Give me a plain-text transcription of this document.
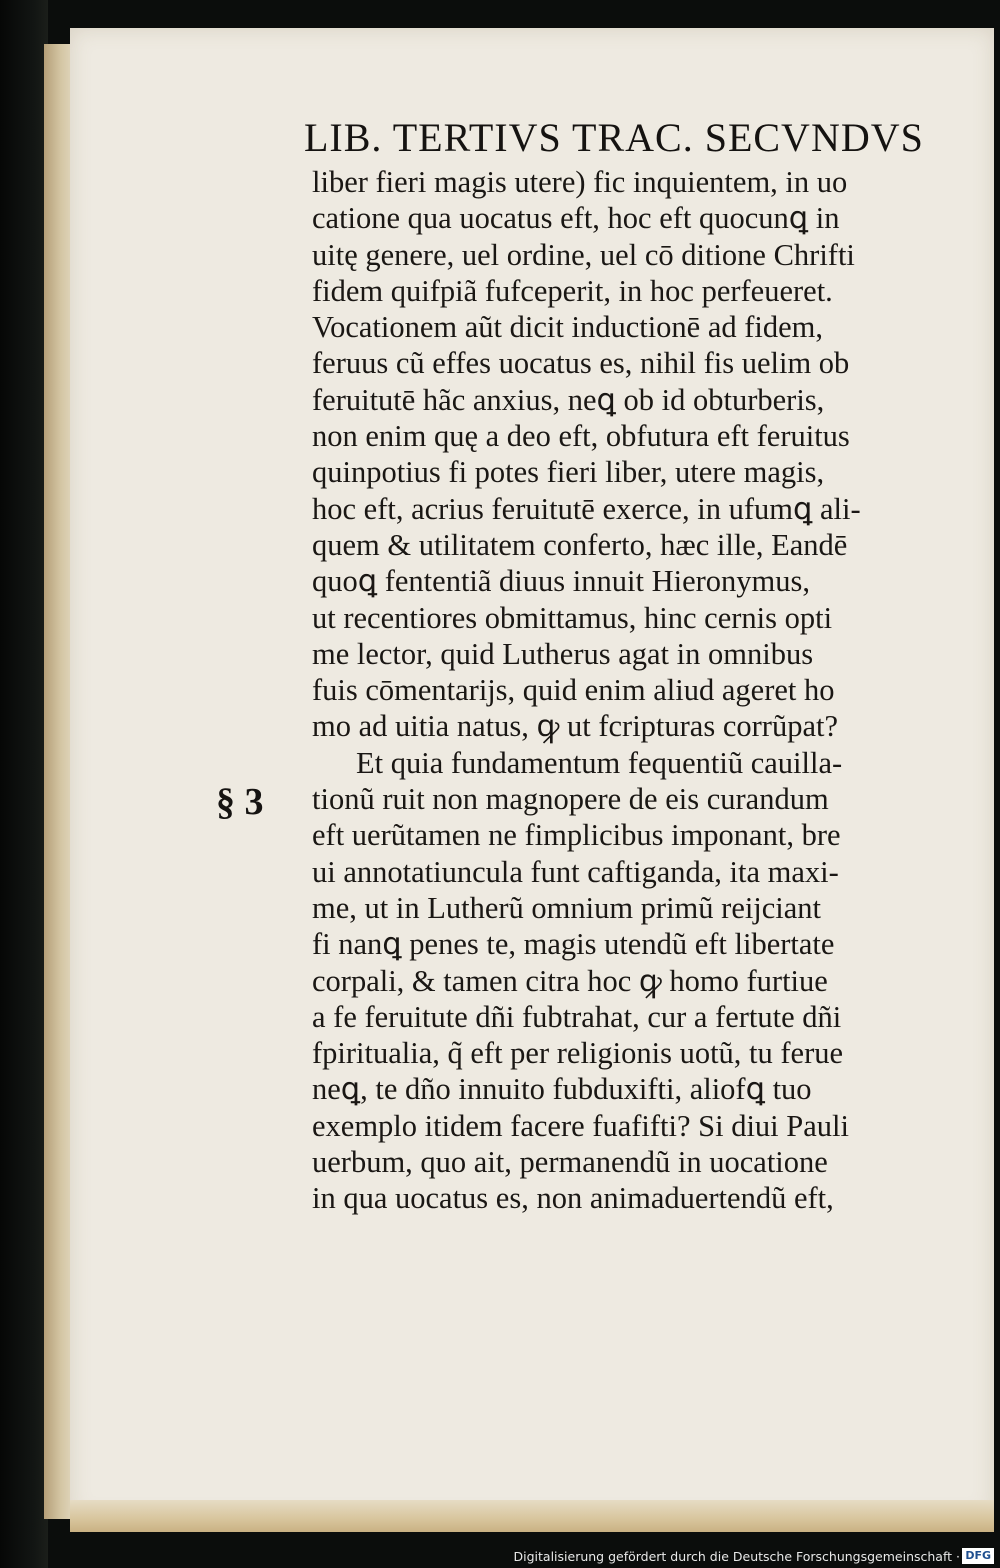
LIB. TERTIVS TRAC. SECVNDVS
§ 3
liber fieri magis utere) fic inquientem, in uo
catione qua uocatus eft, hoc eft quocunꝗ in
uitę genere, uel ordine, uel cō ditione Chrifti
fidem quifpiã fufceperit, in hoc perfeueret.
Vocationem aũt dicit inductionē ad fidem,
feruus cũ effes uocatus es, nihil fis uelim ob
feruitutē hãc anxius, neꝗ ob id obturberis,
non enim quę a deo eft, obfutura eft feruitus
quinpotius fi potes fieri liber, utere magis,
hoc eft, acrius feruitutē exerce, in ufumꝗ ali-
quem & utilitatem conferto, hæc ille, Eandē
quoꝗ fententiã diuus innuit Hieronymus,
ut recentiores obmittamus, hinc cernis opti
me lector, quid Lutherus agat in omnibus
fuis cōmentarĳs, quid enim aliud ageret ho
mo ad uitia natus, ꝙ ut fcripturas corrũpat?
Et quia fundamentum fequentiũ cauilla-
tionũ ruit non magnopere de eis curandum
eft uerũtamen ne fimplicibus imponant, bre
ui annotatiuncula funt caftiganda, ita maxi-
me, ut in Lutherũ omnium primũ reĳciant
fi nanꝗ penes te, magis utendũ eft libertate
corpali, & tamen citra hoc ꝙ homo furtiue
a fe feruitute dñi fubtrahat, cur a fertute dñi
fpiritualia, q̃ eft per religionis uotũ, tu ferue
neꝗ, te dño innuito fubduxifti, aliofꝗ tuo
exemplo itidem facere fuafifti? Si diui Pauli
uerbum, quo ait, permanendũ in uocatione
in qua uocatus es, non animaduertendũ eft,
Digitalisierung gefördert durch die Deutsche Forschungsgemeinschaft · DFG
